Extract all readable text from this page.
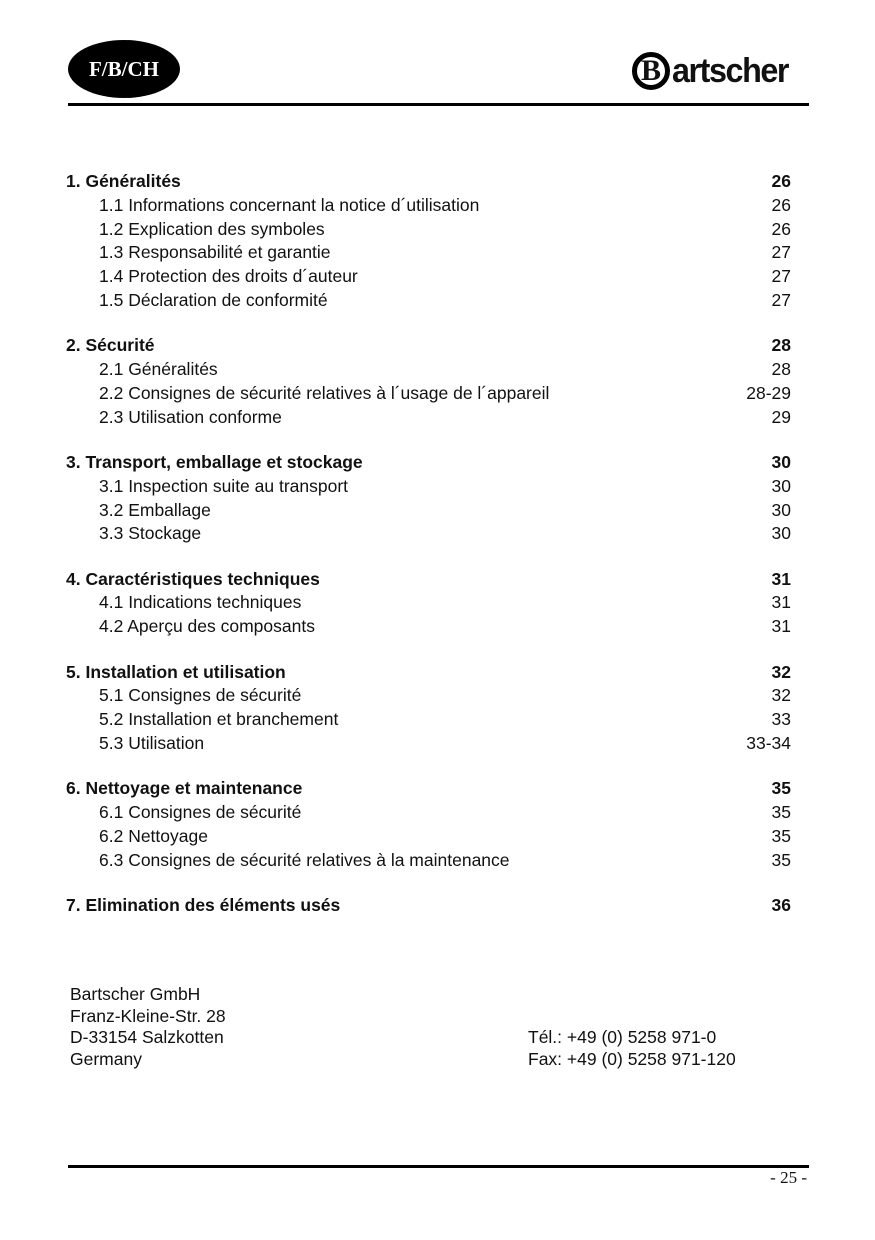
F/B/CH	B artscher
1. Généralités	26
1.1 Informations concernant la notice d´utilisation	26
1.2 Explication des symboles	26
1.3 Responsabilité et garantie	27
1.4 Protection des droits d´auteur	27
1.5 Déclaration de conformité	27
2. Sécurité	28
2.1 Généralités	28
2.2 Consignes de sécurité relatives à l´usage de l´appareil	28-29
2.3 Utilisation conforme	29
3. Transport, emballage et stockage	30
3.1 Inspection suite au transport	30
3.2 Emballage	30
3.3 Stockage	30
4. Caractéristiques techniques	31
4.1 Indications techniques	31
4.2 Aperçu des composants	31
5. Installation et utilisation	32
5.1 Consignes de sécurité	32
5.2 Installation et branchement	33
5.3 Utilisation	33-34
6. Nettoyage et maintenance	35
6.1 Consignes de sécurité	35
6.2 Nettoyage	35
6.3 Consignes de sécurité relatives à la maintenance	35
7. Elimination des éléments usés	36
Bartscher GmbH
Franz-Kleine-Str. 28
D-33154 Salzkotten
Germany
Tél.: +49 (0) 5258 971-0
Fax: +49 (0) 5258 971-120
- 25 -
